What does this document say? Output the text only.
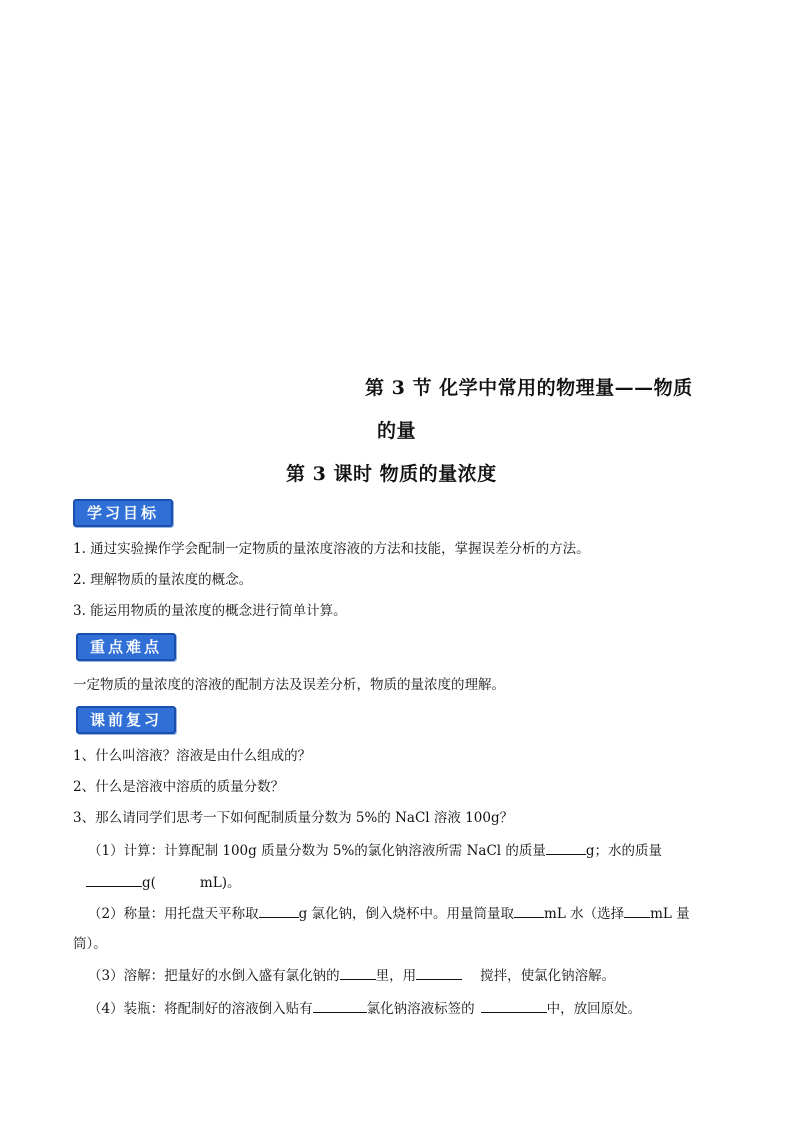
第 3 节 化学中常用的物理量——物质
的量
第 3 课时 物质的量浓度
学习目标
1. 通过实验操作学会配制一定物质的量浓度溶液的方法和技能，掌握误差分析的方法。
2. 理解物质的量浓度的概念。
3. 能运用物质的量浓度的概念进行简单计算。
重点难点
一定物质的量浓度的溶液的配制方法及误差分析，物质的量浓度的理解。
课前复习
1、什么叫溶液？溶液是由什么组成的？
2、什么是溶液中溶质的质量分数？
3、那么请同学们思考一下如何配制质量分数为 5%的 NaCl 溶液 100g？
（1）计算：计算配制 100g 质量分数为 5%的氯化钠溶液所需 NaCl 的质量	g；水的质量
g(	mL)。
（2）称量：用托盘天平称取	g 氯化钠，倒入烧杯中。用量筒量取 mL 水（选择 mL 量
筒）。
（3）溶解：把量好的水倒入盛有氯化钠的	里，用	搅拌，使氯化钠溶解。
（4）装瓶：将配制好的溶液倒入贴有	氯化钠溶液标签的	中，放回原处。
